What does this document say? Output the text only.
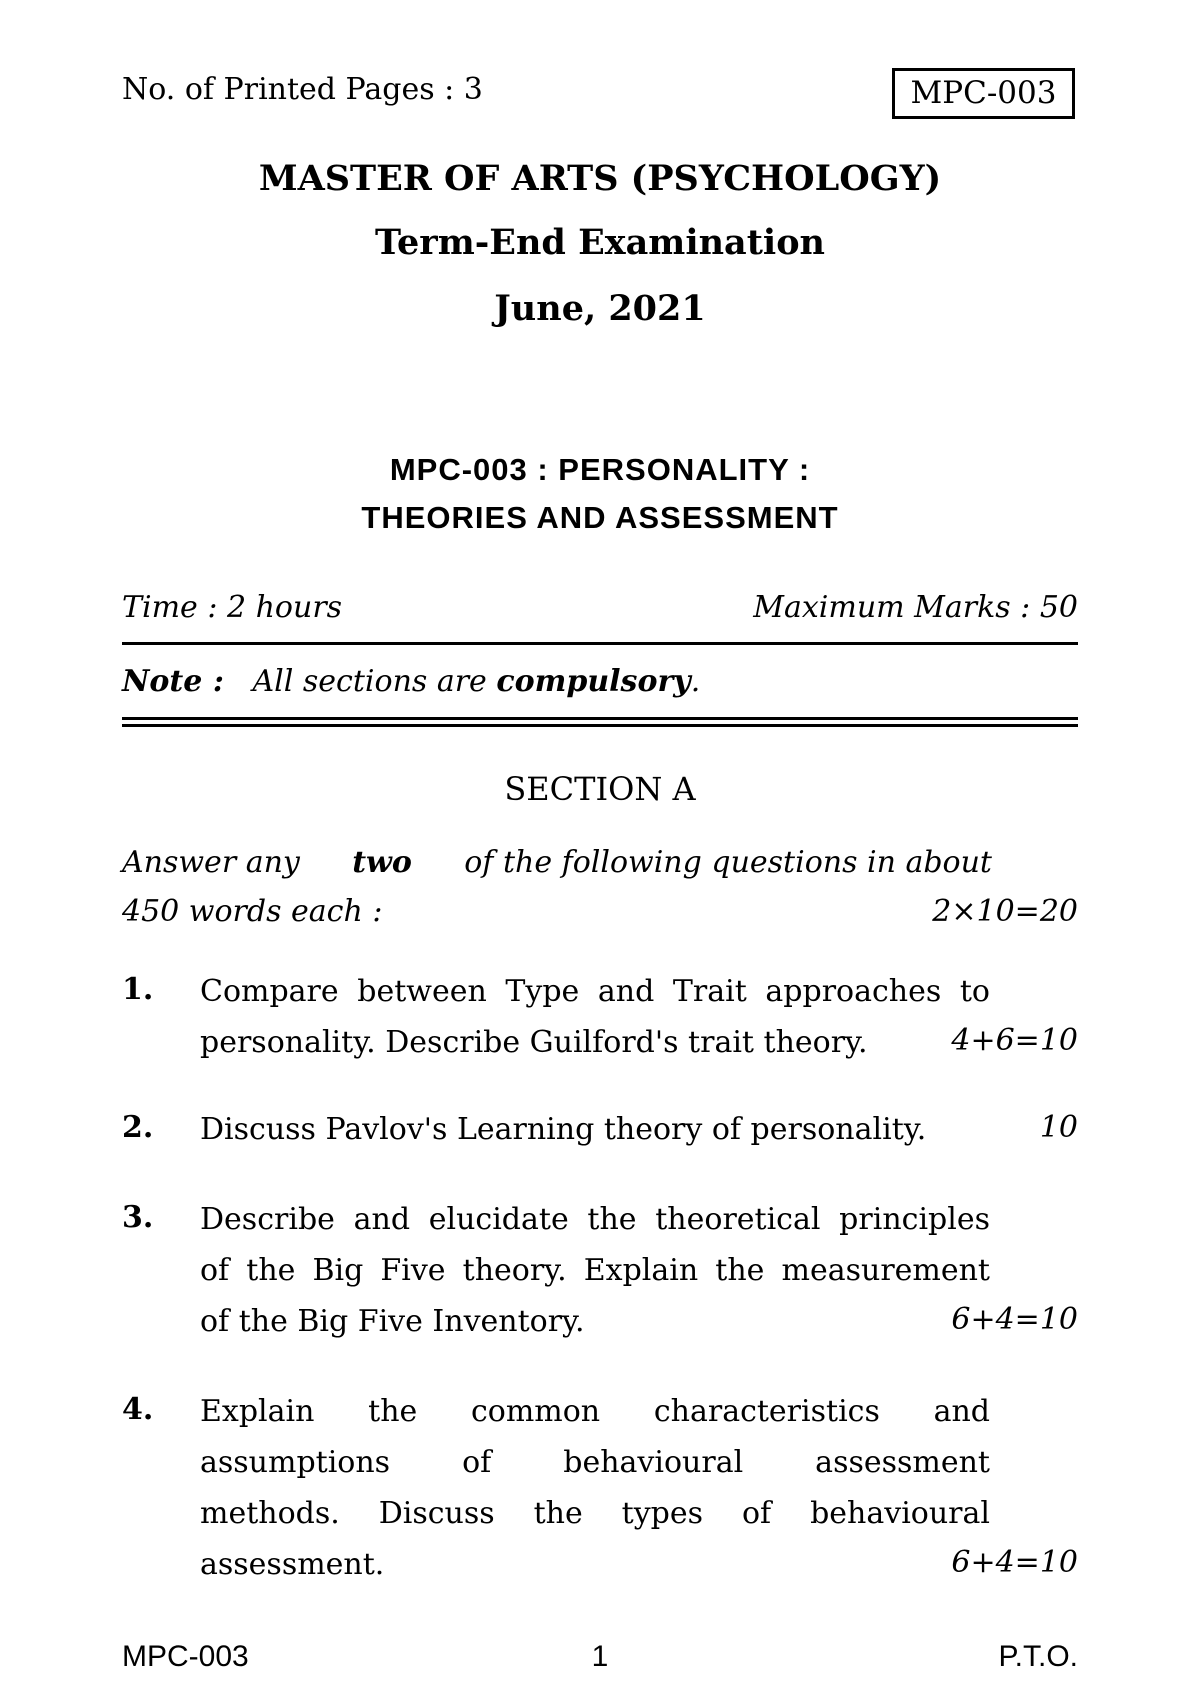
No. of Printed Pages : 3	MPC-003
MASTER OF ARTS (PSYCHOLOGY)
Term-End Examination
June, 2021
MPC-003 : PERSONALITY :
THEORIES AND ASSESSMENT
Time : 2 hours	Maximum Marks : 50
Note : All sections are compulsory.
SECTION A
Answer any two of the following questions in about
450 words each :	2×10=20
1. Compare between Type and Trait approaches to
personality. Describe Guilford's trait theory.	4+6=10
2. Discuss Pavlov's Learning theory of personality.	10
3. Describe and elucidate the theoretical principles
of the Big Five theory. Explain the measurement
of the Big Five Inventory.	6+4=10
4. Explain the common characteristics and
assumptions of behavioural assessment
methods. Discuss the types of behavioural
assessment.	6+4=10
MPC-003	1	P.T.O.
